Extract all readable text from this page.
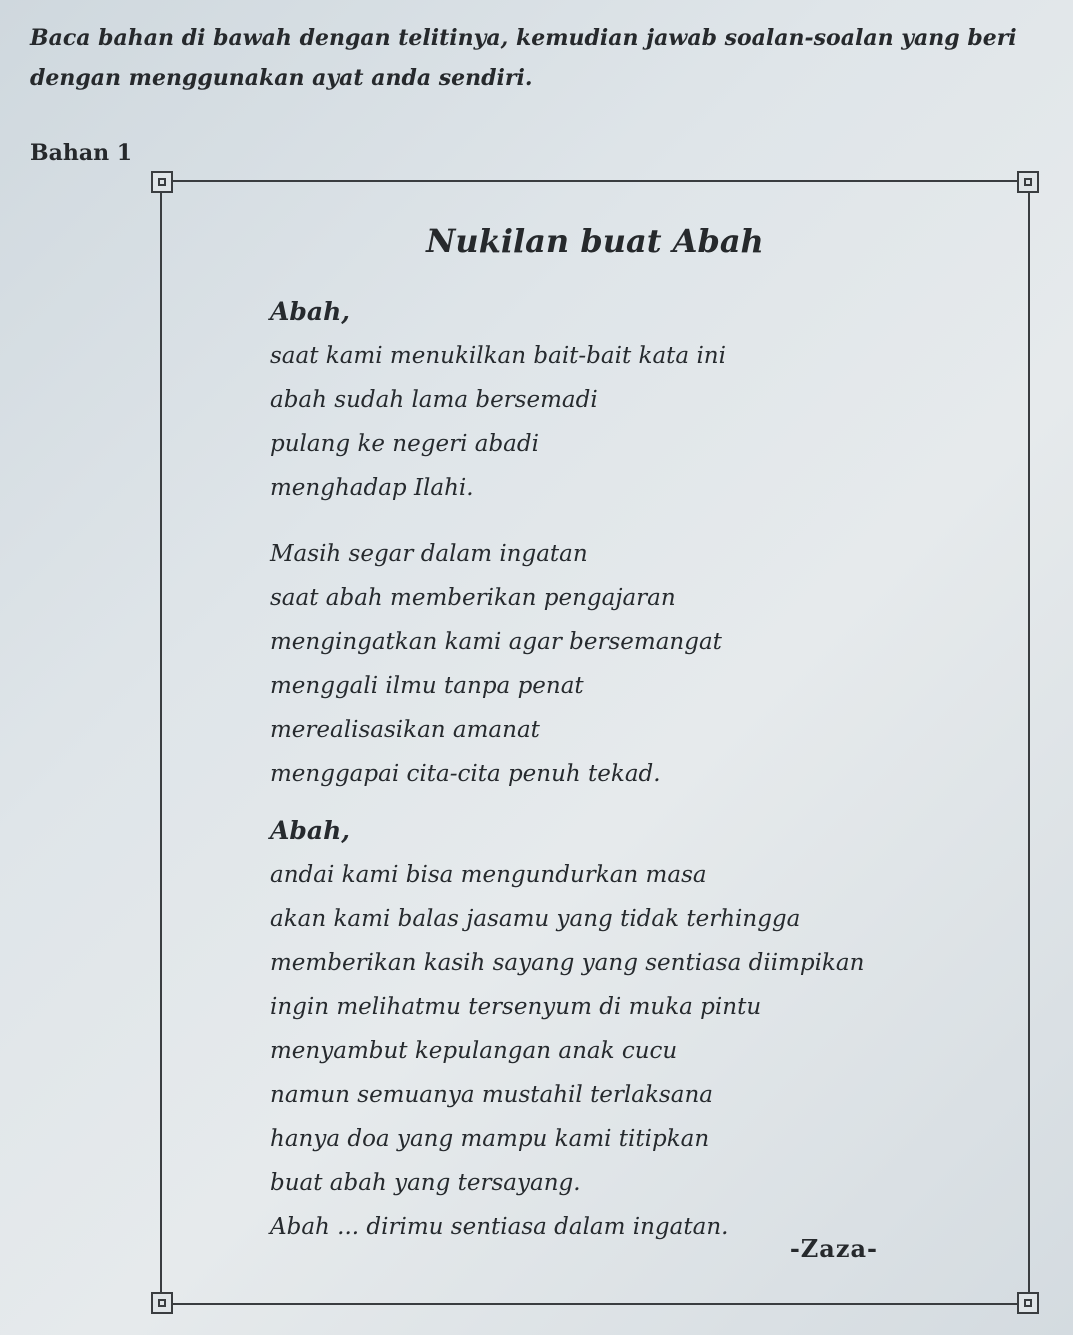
Baca bahan di bawah dengan telitinya, kemudian jawab soalan-soalan yang beri
dengan menggunakan ayat anda sendiri.

Bahan 1

Nukilan buat Abah
Abah,
saat kami menukilkan bait-bait kata ini
abah sudah lama bersemadi
pulang ke negeri abadi
menghadap Ilahi.
Masih segar dalam ingatan
saat abah memberikan pengajaran
mengingatkan kami agar bersemangat
menggali ilmu tanpa penat
merealisasikan amanat
menggapai cita-cita penuh tekad.
Abah,
andai kami bisa mengundurkan masa
akan kami balas jasamu yang tidak terhingga
memberikan kasih sayang yang sentiasa diimpikan
ingin melihatmu tersenyum di muka pintu
menyambut kepulangan anak cucu
namun semuanya mustahil terlaksana
hanya doa yang mampu kami titipkan
buat abah yang tersayang.
Abah ... dirimu sentiasa dalam ingatan.

-Zaza-
